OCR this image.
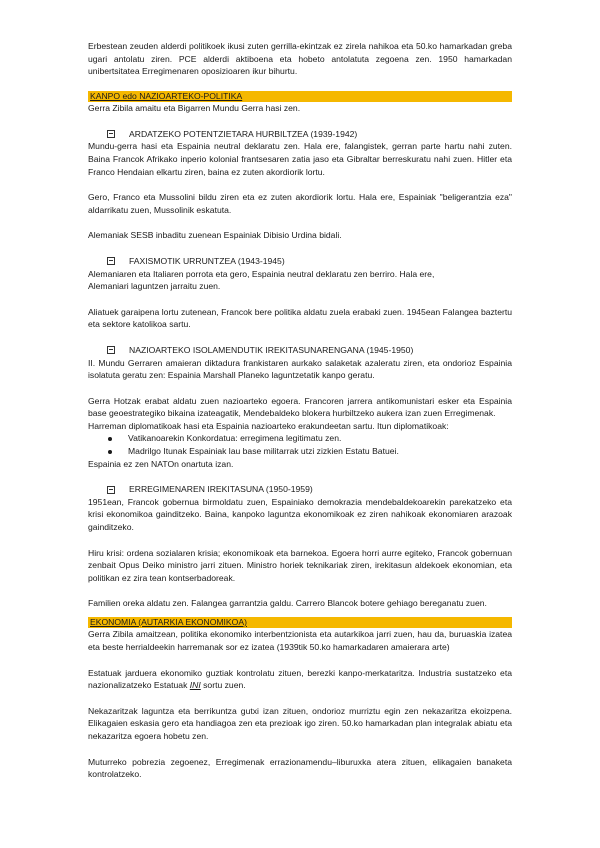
Erbestean zeuden alderdi politikoek ikusi zuten gerrilla-ekintzak ez zirela nahikoa eta 50.ko hamarkadan greba ugari antolatu ziren. PCE alderdi aktiboena eta hobeto antolatuta zegoena zen. 1950 hamarkadan unibertsitatea Erregimenaren oposizioaren ikur bihurtu.

KANPO edo NAZIOARTEKO-POLITIKA

Gerra Zibila amaitu eta Bigarren Mundu Gerra hasi zen.

ARDATZEKO POTENTZIETARA HURBILTZEA (1939-1942)

Mundu-gerra hasi eta Espainia neutral deklaratu zen. Hala ere, falangistek, gerran parte hartu nahi zuten. Baina Francok Afrikako inperio kolonial frantsesaren zatia jaso eta Gibraltar berreskuratu nahi zuen. Hitler eta Franco Hendaian elkartu ziren, baina ez zuten akordiorik lortu.

Gero, Franco eta Mussolini bildu ziren eta ez zuten akordiorik lortu. Hala ere, Espainiak "beligerantzia eza" aldarrikatu zuen, Mussolinik eskatuta.

Alemaniak SESB inbaditu zuenean Espainiak Dibisio Urdina bidali.

FAXISMOTIK URRUNTZEA (1943-1945)

Alemaniaren eta Italiaren porrota eta gero, Espainia neutral deklaratu zen berriro. Hala ere,

Alemaniari laguntzen jarraitu zuen.

Aliatuek garaipena lortu zutenean, Francok bere politika aldatu zuela erabaki zuen. 1945ean Falangea baztertu eta sektore katolikoa sartu.

NAZIOARTEKO ISOLAMENDUTIK IREKITASUNARENGANA (1945-1950)

II. Mundu Gerraren amaieran diktadura frankistaren aurkako salaketak azaleratu ziren, eta ondorioz Espainia isolatuta geratu zen: Espainia Marshall Planeko laguntzetatik kanpo geratu.

Gerra Hotzak erabat aldatu zuen nazioarteko egoera. Francoren jarrera antikomunistari esker eta Espainia base geoestrategiko bikaina izateagatik, Mendebaldeko blokera hurbiltzeko aukera izan zuen Erregimenak.

Harreman diplomatikoak hasi eta Espainia nazioarteko erakundeetan sartu. Itun diplomatikoak:

Vatikanoarekin Konkordatua: erregimena legitimatu zen.
Madrilgo Itunak Espainiak lau base militarrak utzi zizkien Estatu Batuei.

Espainia ez zen NATOn onartuta izan.

ERREGIMENAREN IREKITASUNA (1950-1959)

1951ean, Francok gobernua birmoldatu zuen, Espainiako demokrazia mendebaldekoarekin parekatzeko eta krisi ekonomikoa gainditzeko. Baina, kanpoko laguntza ekonomikoak ez ziren nahikoak ekonomiaren arazoak gainditzeko.

Hiru krisi: ordena sozialaren krisia; ekonomikoak eta barnekoa. Egoera horri aurre egiteko, Francok gobernuan zenbait Opus Deiko ministro jarri zituen. Ministro horiek teknikariak ziren, irekitasun aldekoek ekonomian, eta politikan ez zira tean kontserbadoreak.

Familien oreka aldatu zen. Falangea garrantzia galdu. Carrero Blancok botere gehiago bereganatu zuen.

EKONOMIA (AUTARKIA EKONOMIKOA)

Gerra Zibila amaitzean, politika ekonomiko interbentzionista eta autarkikoa jarri zuen, hau da, buruaskia izatea eta beste herrialdeekin harremanak sor ez izatea (1939tik 50.ko hamarkadaren amaierara arte)

Estatuak jarduera ekonomiko guztiak kontrolatu zituen, berezki kanpo-merkataritza. Industria sustatzeko eta nazionalizatzeko Estatuak INI sortu zuen.

Nekazaritzak laguntza eta berrikuntza gutxi izan zituen, ondorioz murriztu egin zen nekazaritza ekoizpena. Elikagaien eskasia gero eta handiagoa zen eta prezioak igo ziren. 50.ko hamarkadan plan integralak abiatu eta nekazaritza egoera hobetu zen.

Muturreko pobrezia zegoenez, Erregimenak errazionamendu–liburuxka atera zituen, elikagaien banaketa kontrolatzeko.
